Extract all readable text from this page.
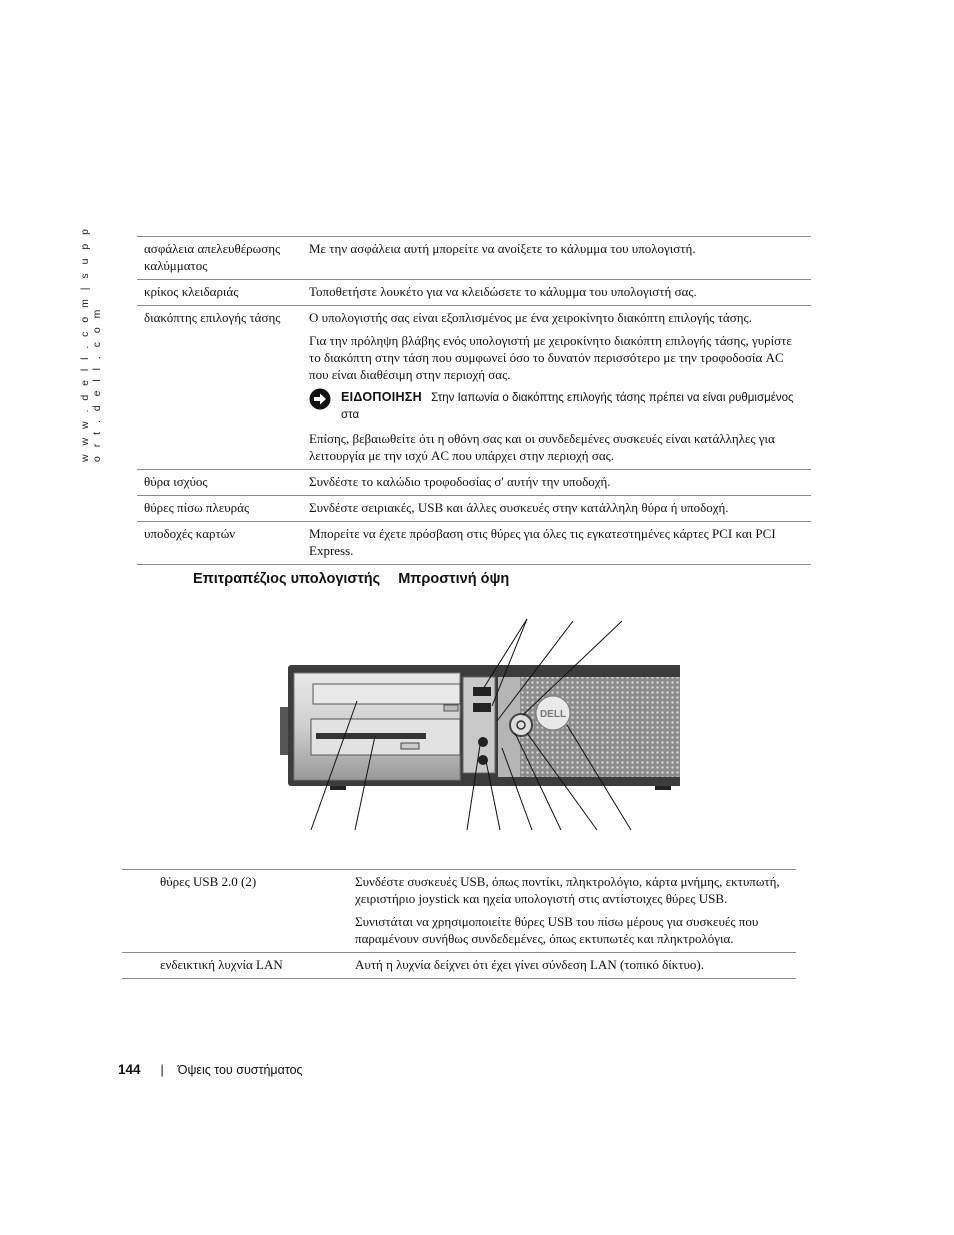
w w w . d e l l . c o m | s u p p o r t . d e l l . c o m
ασφάλεια απελευθέρωσης καλύμματος	Με την ασφάλεια αυτή μπορείτε να ανοίξετε το κάλυμμα του υπολογιστή.
κρίκος κλειδαριάς	Τοποθετήστε λουκέτο για να κλειδώσετε το κάλυμμα του υπολογιστή σας.
διακόπτης επιλογής τάσης	Ο υπολογιστής σας είναι εξοπλισμένος με ένα χειροκίνητο διακόπτη επιλογής τάσης.

Για την πρόληψη βλάβης ενός υπολογιστή με χειροκίνητο διακόπτη επιλογής τάσης, γυρίστε το διακόπτη στην τάση που συμφωνεί όσο το δυνατόν περισσότερο με την τροφοδοσία AC που είναι διαθέσιμη στην περιοχή σας.

ΕΙΔΟΠΟΙΗΣΗ Στην Ιαπωνία ο διακόπτης επιλογής τάσης πρέπει να είναι ρυθμισμένος στα

Επίσης, βεβαιωθείτε ότι η οθόνη σας και οι συνδεδεμένες συσκευές είναι κατάλληλες για λειτουργία με την ισχύ AC που υπάρχει στην περιοχή σας.

θύρα ισχύος	Συνδέστε το καλώδιο τροφοδοσίας σ' αυτήν την υποδοχή.
θύρες πίσω πλευράς	Συνδέστε σειριακές, USB και άλλες συσκευές στην κατάλληλη θύρα ή υποδοχή.
υποδοχές καρτών	Μπορείτε να έχετε πρόσβαση στις θύρες για όλες τις εγκατεστημένες κάρτες PCI και PCI Express.
Επιτραπέζιος υπολογιστής Μπροστινή όψη
DELL
θύρες USB 2.0 (2)	Συνδέστε συσκευές USB, όπως ποντίκι, πληκτρολόγιο, κάρτα μνήμης, εκτυπωτή, χειριστήριο joystick και ηχεία υπολογιστή στις αντίστοιχες θύρες USB.

Συνιστάται να χρησιμοποιείτε θύρες USB του πίσω μέρους για συσκευές που παραμένουν συνήθως συνδεδεμένες, όπως εκτυπωτές και πληκτρολόγια.

ενδεικτική λυχνία LAN	Αυτή η λυχνία δείχνει ότι έχει γίνει σύνδεση LAN (τοπικό δίκτυο).
144 | Όψεις του συστήματος
